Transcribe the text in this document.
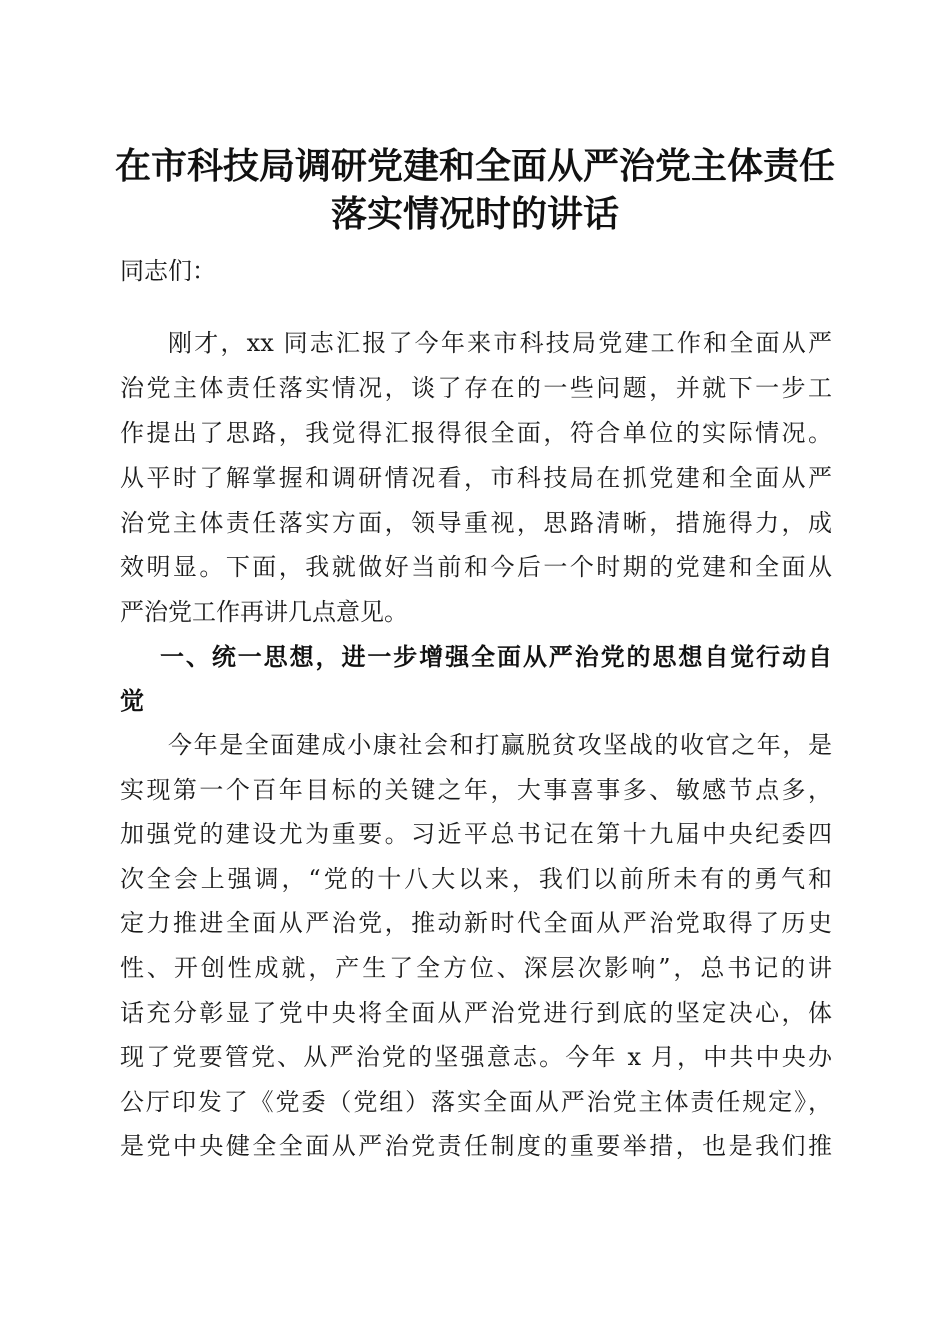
在市科技局调研党建和全面从严治党主体责任
落实情况时的讲话
同志们：
刚才，xx 同志汇报了今年来市科技局党建工作和全面从严
治党主体责任落实情况，谈了存在的一些问题，并就下一步工
作提出了思路，我觉得汇报得很全面，符合单位的实际情况。
从平时了解掌握和调研情况看，市科技局在抓党建和全面从严
治党主体责任落实方面，领导重视，思路清晰，措施得力，成
效明显。下面，我就做好当前和今后一个时期的党建和全面从
严治党工作再讲几点意见。
一、统一思想，进一步增强全面从严治党的思想自觉行动自
觉
今年是全面建成小康社会和打赢脱贫攻坚战的收官之年，是
实现第一个百年目标的关键之年，大事喜事多、敏感节点多，
加强党的建设尤为重要。习近平总书记在第十九届中央纪委四
次全会上强调，“党的十八大以来，我们以前所未有的勇气和
定力推进全面从严治党，推动新时代全面从严治党取得了历史
性、开创性成就，产生了全方位、深层次影响”，总书记的讲
话充分彰显了党中央将全面从严治党进行到底的坚定决心，体
现了党要管党、从严治党的坚强意志。今年 x 月，中共中央办
公厅印发了《党委（党组）落实全面从严治党主体责任规定》，
是党中央健全全面从严治党责任制度的重要举措，也是我们推
